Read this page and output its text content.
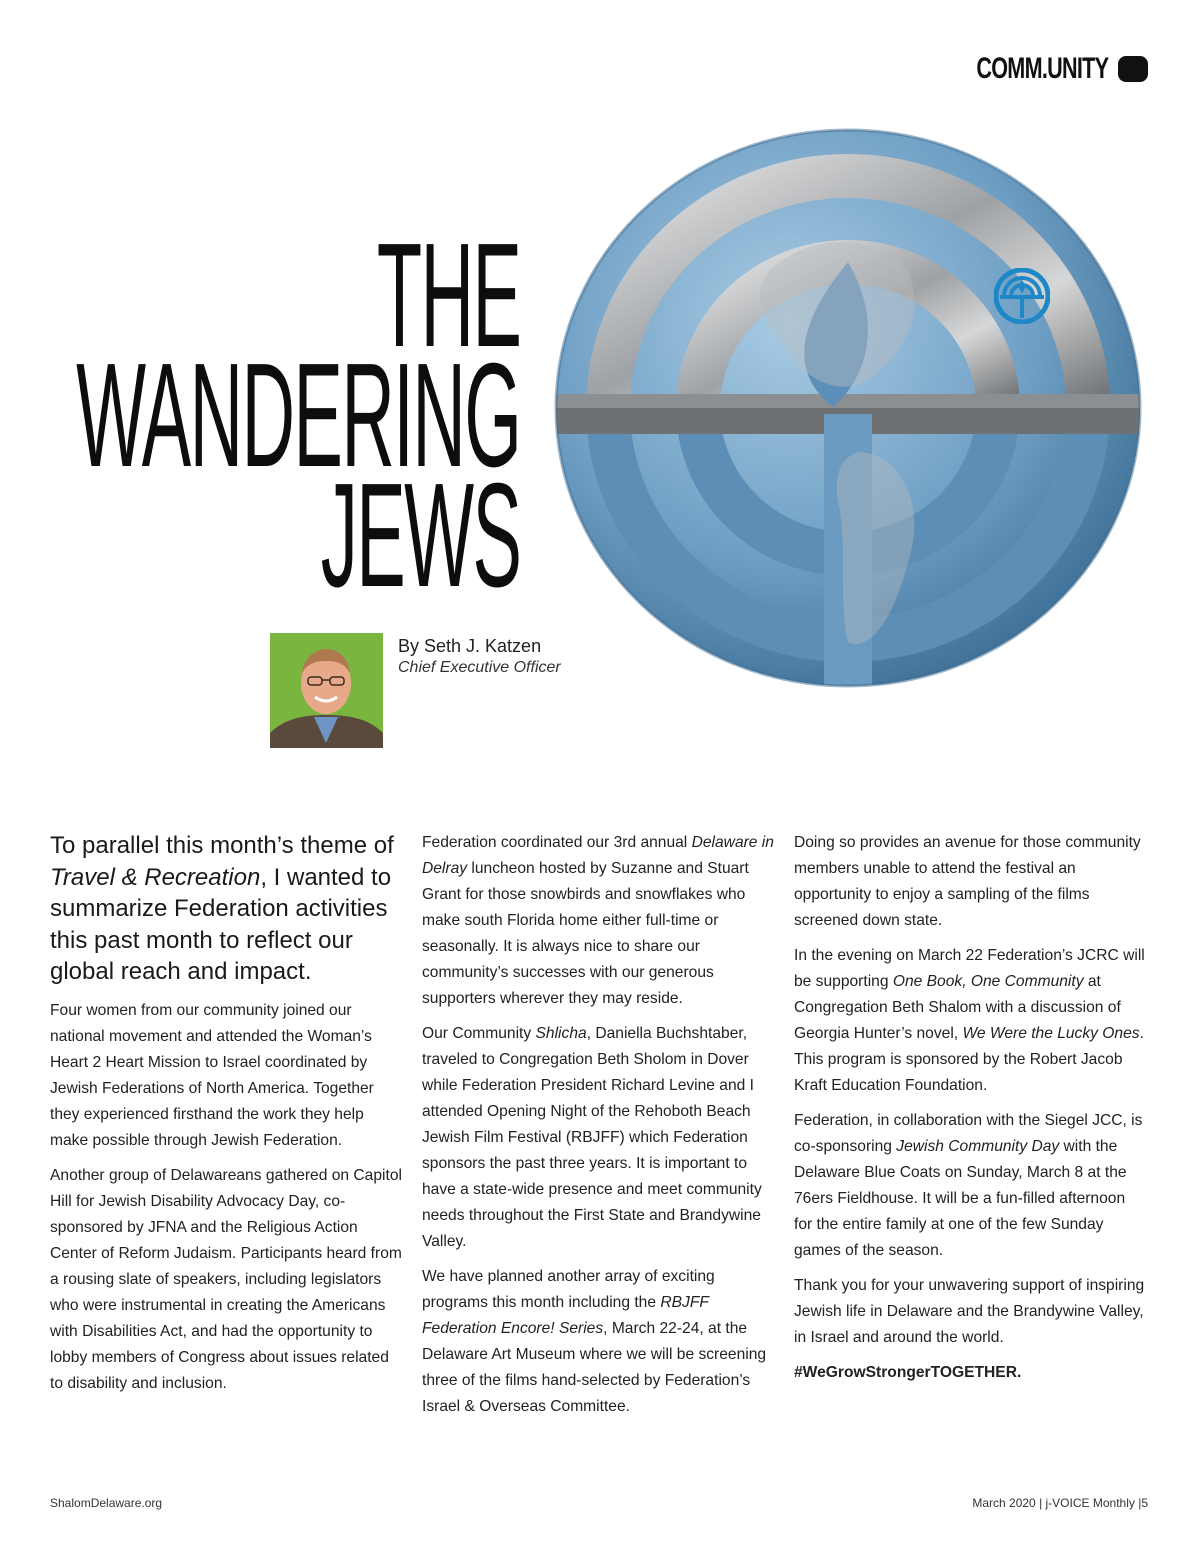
COMM.UNITY
THE
WANDERING
JEWS
By Seth J. Katzen
Chief Executive Officer

To parallel this month’s theme of Travel & Recreation, I wanted to summarize Federation activities this past month to reflect our global reach and impact.

Four women from our community joined our national movement and attended the Woman’s Heart 2 Heart Mission to Israel coordinated by Jewish Federations of North America. Together they experienced firsthand the work they help make possible through Jewish Federation.

Another group of Delawareans gathered on Capitol Hill for Jewish Disability Advocacy Day, co-sponsored by JFNA and the Religious Action Center of Reform Judaism. Participants heard from a rousing slate of speakers, including legislators who were instrumental in creating the Americans with Disabilities Act, and had the opportunity to lobby members of Congress about issues related to disability and inclusion.

Federation coordinated our 3rd annual Delaware in Delray luncheon hosted by Suzanne and Stuart Grant for those snowbirds and snowflakes who make south Florida home either full-time or seasonally. It is always nice to share our community’s successes with our generous supporters wherever they may reside.

Our Community Shlicha, Daniella Buchshtaber, traveled to Congregation Beth Sholom in Dover while Federation President Richard Levine and I attended Opening Night of the Rehoboth Beach Jewish Film Festival (RBJFF) which Federation sponsors the past three years. It is important to have a state-wide presence and meet community needs throughout the First State and Brandywine Valley.

We have planned another array of exciting programs this month including the RBJFF Federation Encore! Series, March 22-24, at the Delaware Art Museum where we will be screening three of the films hand-selected by Federation’s Israel & Overseas Committee.

Doing so provides an avenue for those community members unable to attend the festival an opportunity to enjoy a sampling of the films screened down state.

In the evening on March 22 Federation’s JCRC will be supporting One Book, One Community at Congregation Beth Shalom with a discussion of Georgia Hunter’s novel, We Were the Lucky Ones. This program is sponsored by the Robert Jacob Kraft Education Foundation.

Federation, in collaboration with the Siegel JCC, is co-sponsoring Jewish Community Day with the Delaware Blue Coats on Sunday, March 8 at the 76ers Fieldhouse. It will be a fun-filled afternoon for the entire family at one of the few Sunday games of the season.

Thank you for your unwavering support of inspiring Jewish life in Delaware and the Brandywine Valley, in Israel and around the world.

#WeGrowStrongerTOGETHER.

ShalomDelaware.org	March 2020 | j-VOICE Monthly |5
